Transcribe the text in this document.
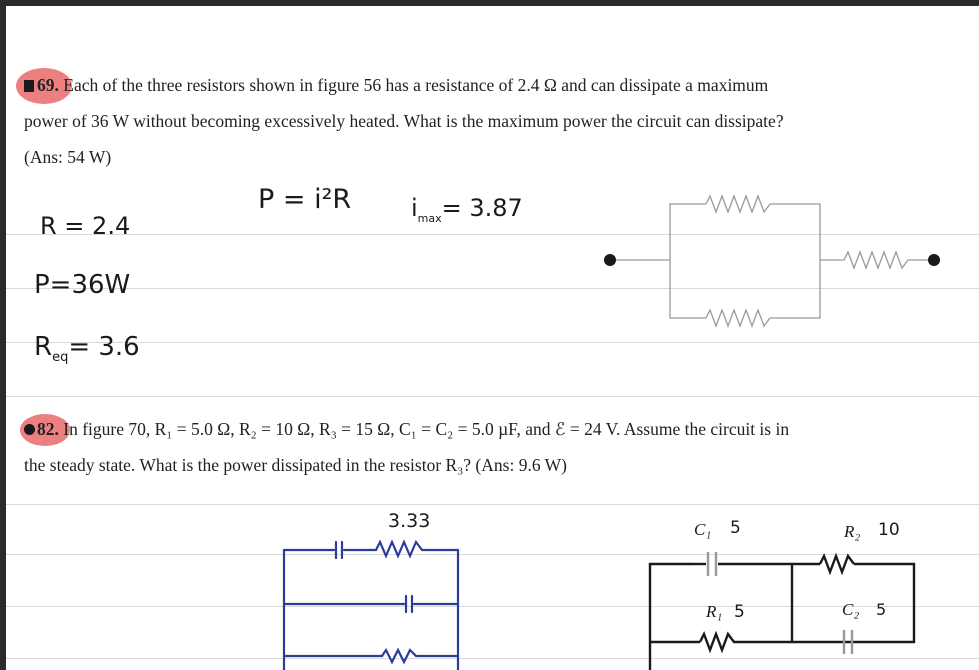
69. Each of the three resistors shown in figure 56 has a resistance of 2.4 Ω and can dissipate a maximum
power of 36 W without becoming excessively heated. What is the maximum power the circuit can dissipate?
(Ans: 54 W)
P = i²R $i_{max}= 3.87$
R = 2.4
P=36W
$R_{eq}= 3.6$
82. In figure 70, R₁ = 5.0 Ω, R₂ = 10 Ω, R₃ = 15 Ω, C₁ = C₂ = 5.0 µF, and ℰ = 24 V. Assume the circuit is in
the steady state. What is the power dissipated in the resistor R₃? (Ans: 9.6 W)
3.33	C₁ 5	R₂ 10
R₁ 5	C₂ 5
